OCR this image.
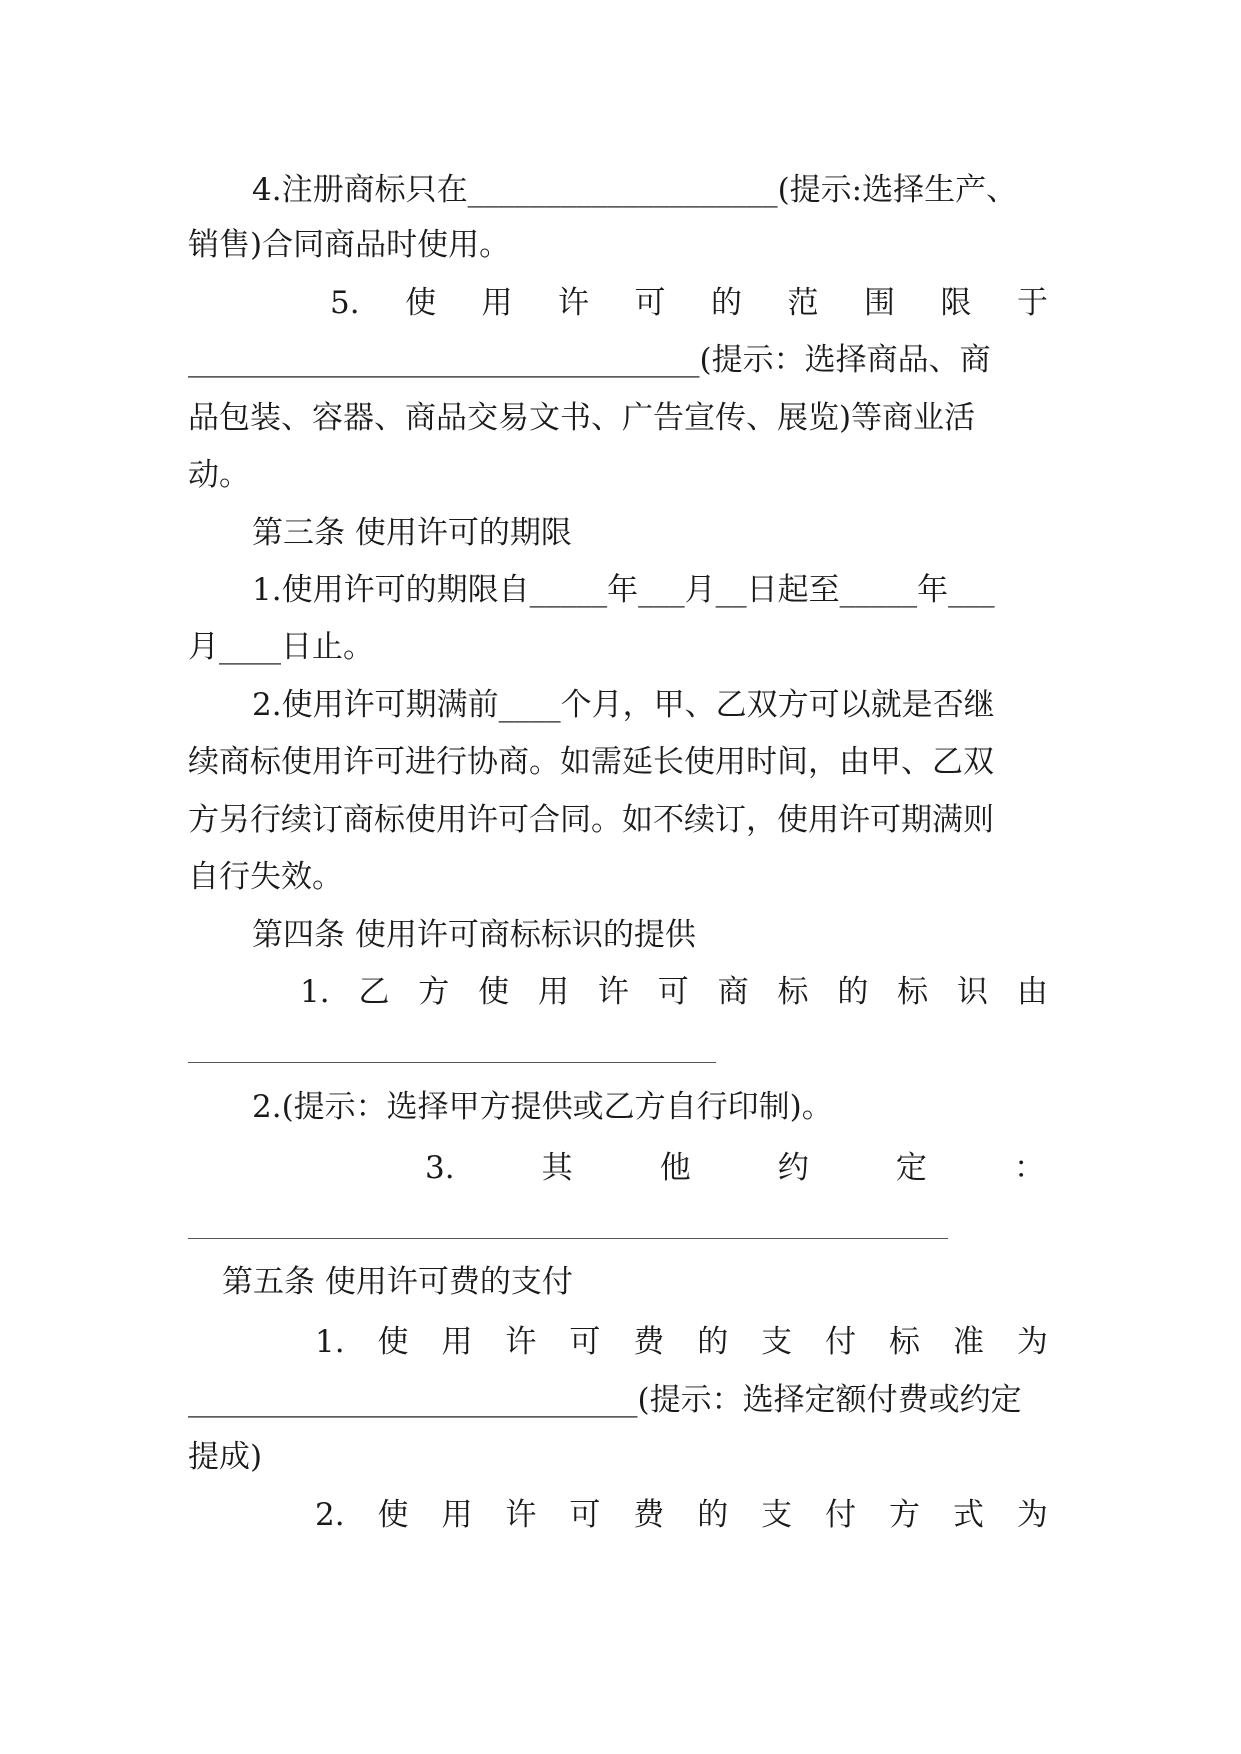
4.注册商标只在____________________(提示:选择生产、
销售)合同商品时使用。
5. 使 用 许 可 的 范 围 限 于
_________________________________(提示：选择商品、商
品包装、容器、商品交易文书、广告宣传、展览)等商业活
动。
第三条 使用许可的期限
1.使用许可的期限自_____年___月__日起至_____年___
月____日止。
2.使用许可期满前____个月，甲、乙双方可以就是否继
续商标使用许可进行协商。如需延长使用时间，由甲、乙双
方另行续订商标使用许可合同。如不续订，使用许可期满则
自行失效。
第四条 使用许可商标标识的提供
1. 乙 方 使 用 许 可 商 标 的 标 识 由
2.(提示：选择甲方提供或乙方自行印制)。
3.	其	他	约	定	：
第五条 使用许可费的支付
1. 使 用 许 可 费 的 支 付 标 准 为
_____________________________(提示：选择定额付费或约定
提成)
2. 使 用 许 可 费 的 支 付 方 式 为
